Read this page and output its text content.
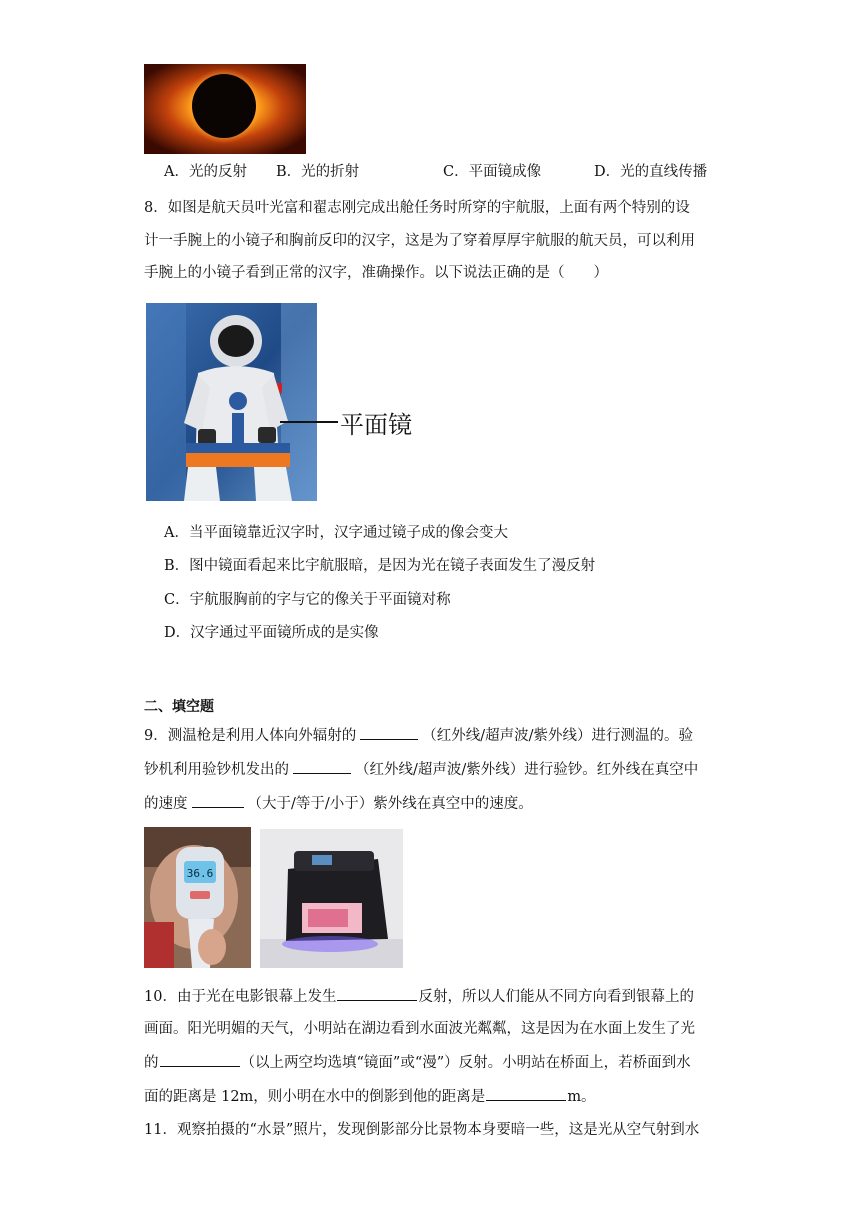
A．光的反射 B．光的折射	C．平面镜成像	D．光的直线传播
8．如图是航天员叶光富和翟志刚完成出舱任务时所穿的宇航服，上面有两个特别的设
计一手腕上的小镜子和胸前反印的汉字，这是为了穿着厚厚宇航服的航天员，可以利用
手腕上的小镜子看到正常的汉字，准确操作。以下说法正确的是（　　）
平面镜
A．当平面镜靠近汉字时，汉字通过镜子成的像会变大
B．图中镜面看起来比宇航服暗，是因为光在镜子表面发生了漫反射
C．宇航服胸前的字与它的像关于平面镜对称
D．汉字通过平面镜所成的是实像
二、填空题
9．测温枪是利用人体向外辐射的	（红外线/超声波/紫外线）进行测温的。验
钞机利用验钞机发出的	（红外线/超声波/紫外线）进行验钞。红外线在真空中
的速度	（大于/等于/小于）紫外线在真空中的速度。
36.6
10．由于光在电影银幕上发生	反射，所以人们能从不同方向看到银幕上的
画面。阳光明媚的天气，小明站在湖边看到水面波光粼粼，这是因为在水面上发生了光
的	（以上两空均选填“镜面”或“漫”）反射。小明站在桥面上，若桥面到水
面的距离是 12m，则小明在水中的倒影到他的距离是	m。
11．观察拍摄的“水景”照片，发现倒影部分比景物本身要暗一些，这是光从空气射到水
